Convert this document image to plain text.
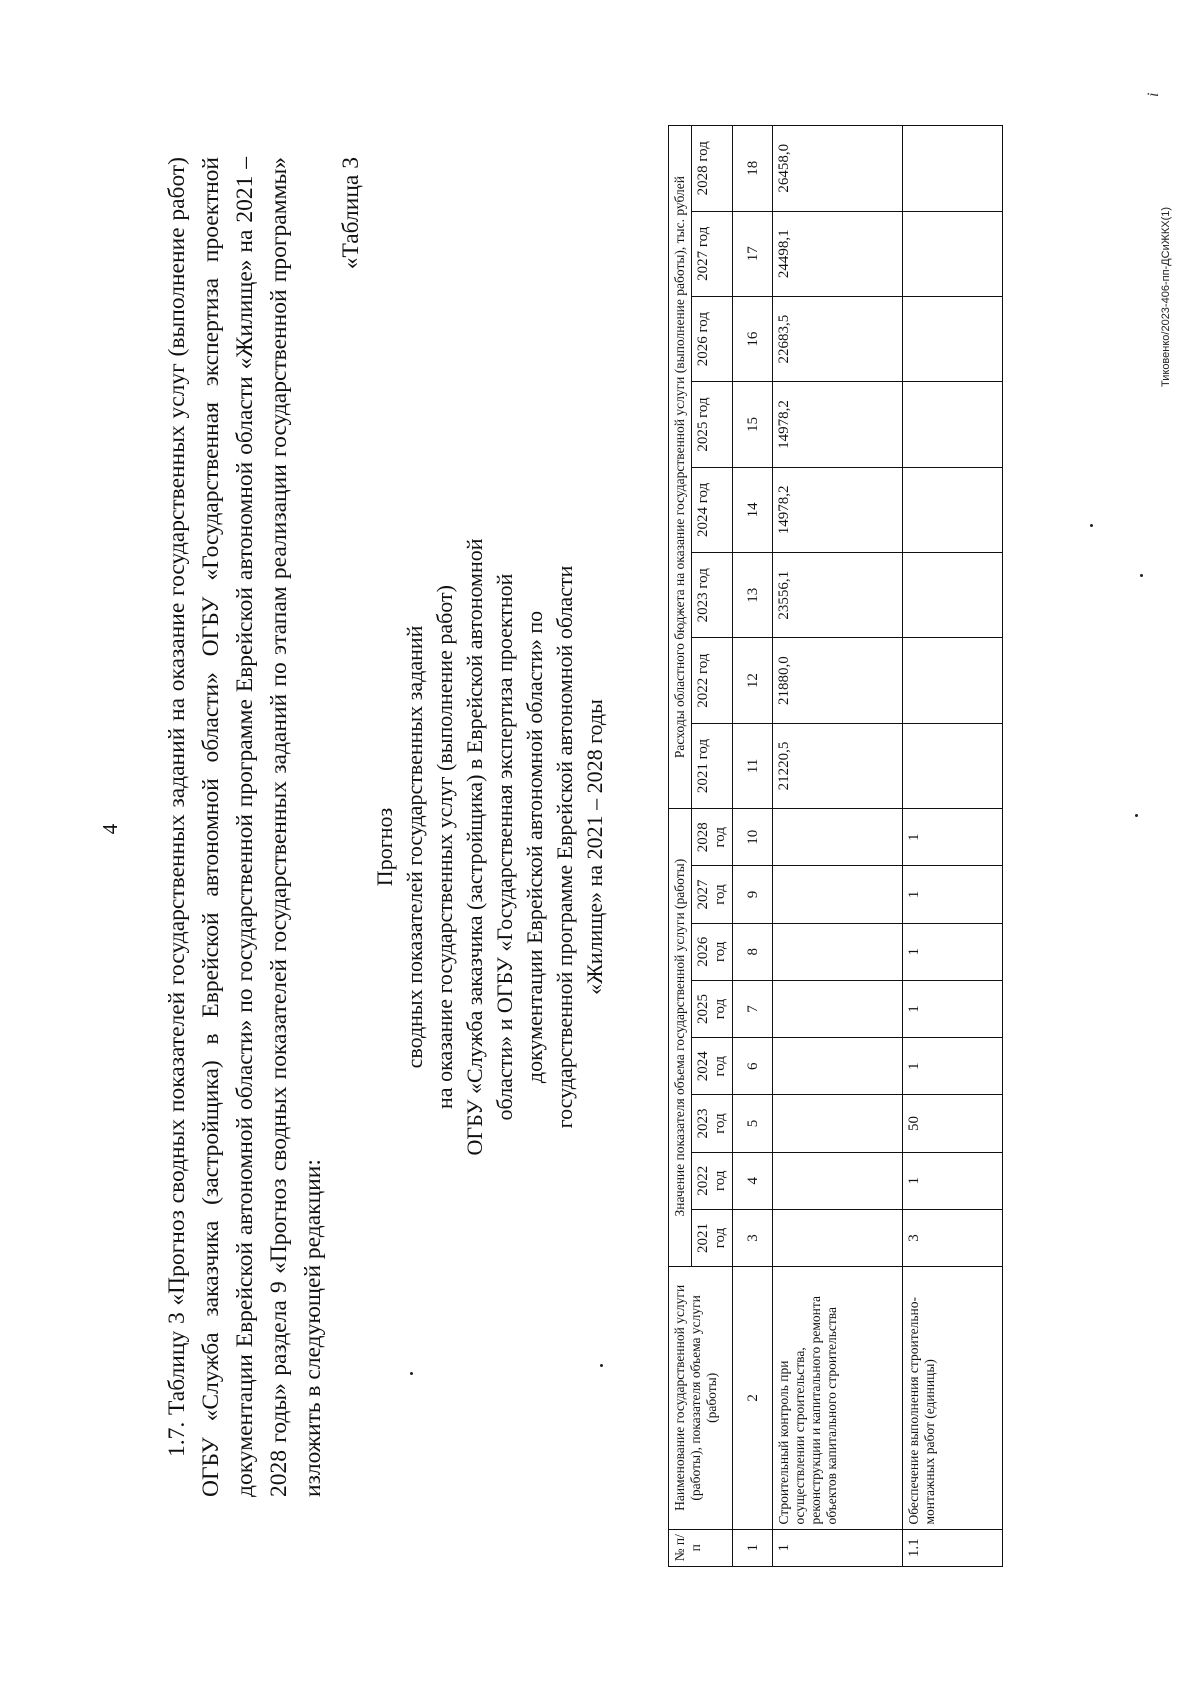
4 1.7. Таблицу 3 «Прогноз сводных показателей государственных заданий на оказание государственных услуг (выполнение работ) ОГБУ «Служба заказчика (застройщика) в Еврейской автономной области» ОГБУ «Государственная экспертиза проектной документации Еврейской автономной области» по государственной программе Еврейской автономной области «Жилище» на 2021 – 2028 годы» раздела 9 «Прогноз сводных показателей государственных заданий по этапам реализации государственной программы» изложить в следующей редакции:
«Таблица 3
Прогноз сводных показателей государственных заданий на оказание государственных услуг (выполнение работ) ОГБУ «Служба заказчика (застройщика) в Еврейской автономной области» и ОГБУ «Государственная экспертиза проектной документации Еврейской автономной области» по государственной программе Еврейской автономной области «Жилище» на 2021 – 2028 годы
№ п/п	Наименование государственной услуги (работы), показателя объема услуги (работы)	Значение показателя объема государственной услуги (работы)								Расходы областного бюджета на оказание государственной услуги (выполнение работы), тыс. рублей							
		2021 год	2022 год	2023 год	2024 год	2025 год	2026 год	2027 год	2028 год	2021 год	2022 год	2023 год	2024 год	2025 год	2026 год	2027 год	2028 год
1	2	3	4	5	6	7	8	9	10	11	12	13	14	15	16	17	18
1	Строительный контроль при осуществлении строительства, реконструкции и капитального ремонта объектов капитального строительства									21220,5	21880,0	23556,1	14978,2	14978,2	22683,5	24498,1	26458,0
1.1	Обеспечение выполнения строительно-монтажных работ (единицы)	3	1	50	1	1	1	1	1								
Тиковенко/2023-406-пп-ДСиЖКХ(1)
i
